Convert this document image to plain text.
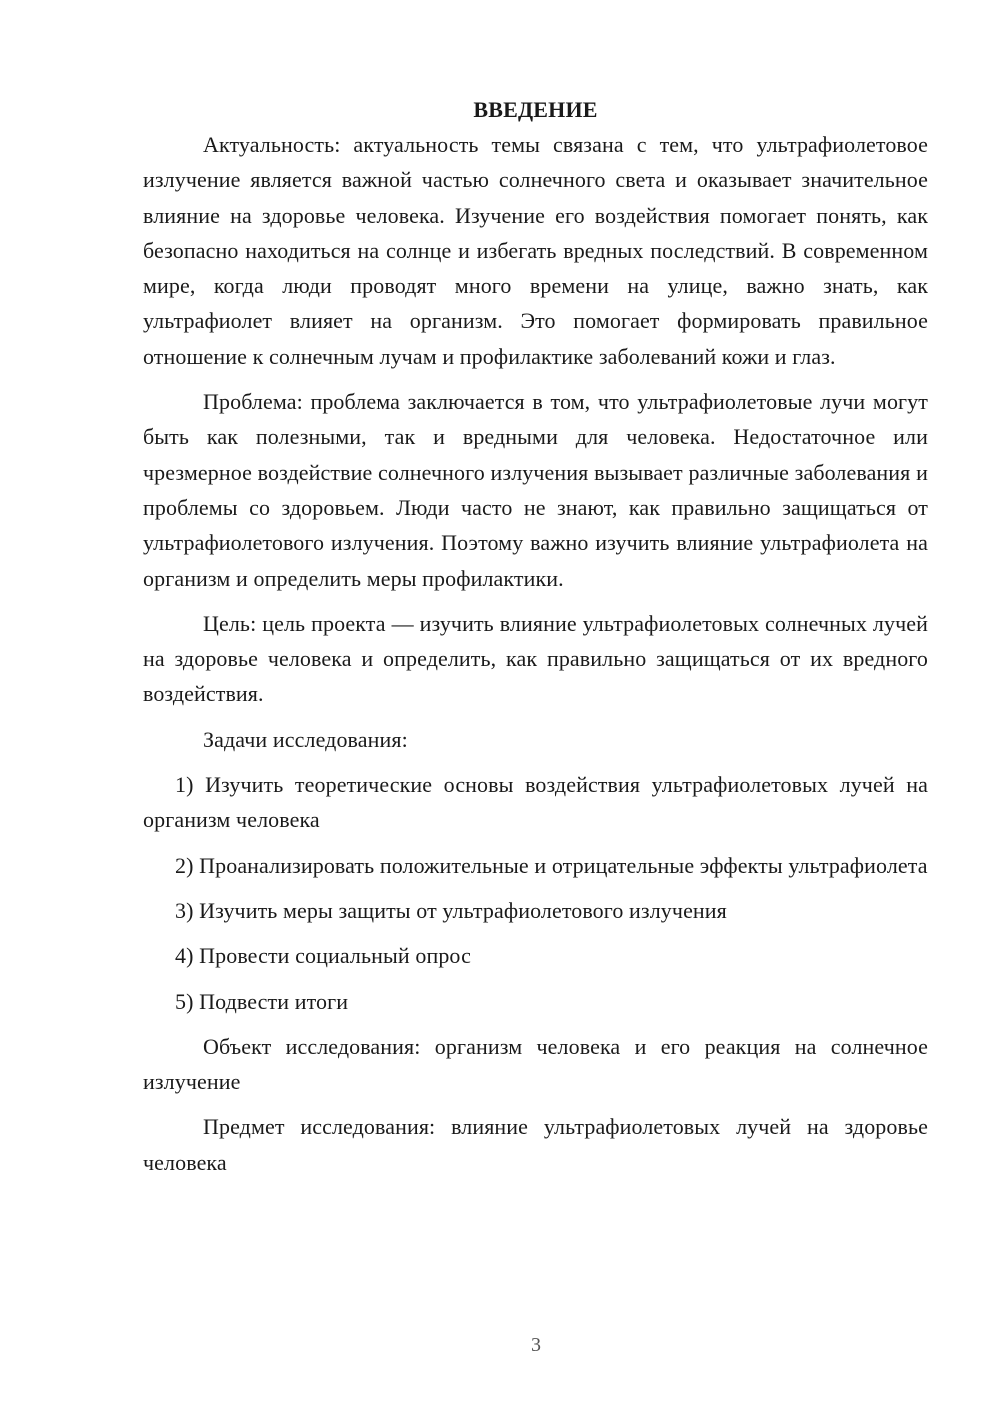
ВВЕДЕНИЕ

Актуальность: актуальность темы связана с тем, что ультрафиолетовое излучение является важной частью солнечного света и оказывает значительное влияние на здоровье человека. Изучение его воздействия помогает понять, как безопасно находиться на солнце и избегать вредных последствий. В современном мире, когда люди проводят много времени на улице, важно знать, как ультрафиолет влияет на организм. Это помогает формировать правильное отношение к солнечным лучам и профилактике заболеваний кожи и глаз.

Проблема: проблема заключается в том, что ультрафиолетовые лучи могут быть как полезными, так и вредными для человека. Недостаточное или чрезмерное воздействие солнечного излучения вызывает различные заболевания и проблемы со здоровьем. Люди часто не знают, как правильно защищаться от ультрафиолетового излучения. Поэтому важно изучить влияние ультрафиолета на организм и определить меры профилактики.

Цель: цель проекта — изучить влияние ультрафиолетовых солнечных лучей на здоровье человека и определить, как правильно защищаться от их вредного воздействия.

Задачи исследования:

1) Изучить теоретические основы воздействия ультрафиолетовых лучей на организм человека

2) Проанализировать положительные и отрицательные эффекты ультрафиолета

3) Изучить меры защиты от ультрафиолетового излучения

4) Провести социальный опрос

5) Подвести итоги

Объект исследования: организм человека и его реакция на солнечное излучение

Предмет исследования: влияние ультрафиолетовых лучей на здоровье человека

3
